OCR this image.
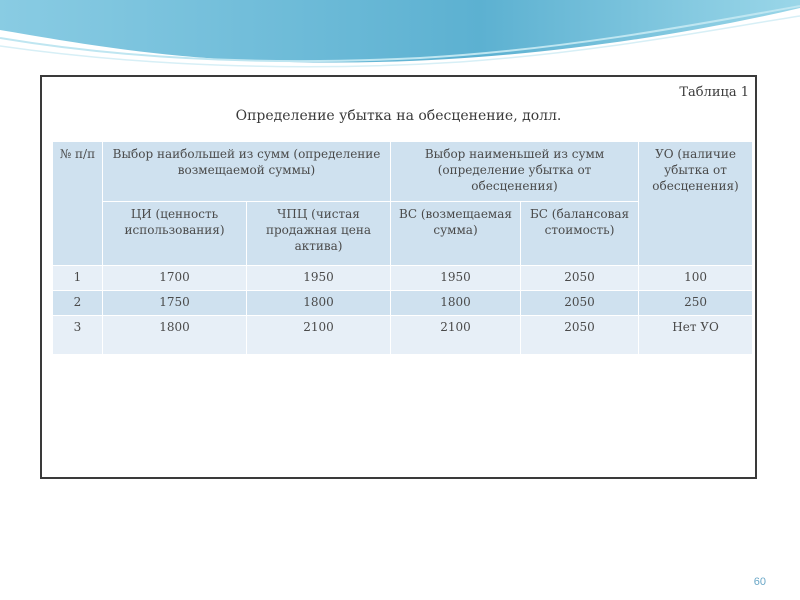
Таблица 1
Определение убытка на обесценение, долл.
№ п/п	Выбор наибольшей из сумм (определение возмещаемой суммы)		Выбор наименьшей из сумм (определение убытка от обесценения)		УО (наличие убытка от обесценения)
	ЦИ (ценность использования)	ЧПЦ (чистая продажная цена актива)	ВС (возмещаемая сумма)	БС (балансовая стоимость)	
1	1700	1950	1950	2050	100
2	1750	1800	1800	2050	250
3	1800	2100	2100	2050	Нет УО
60
